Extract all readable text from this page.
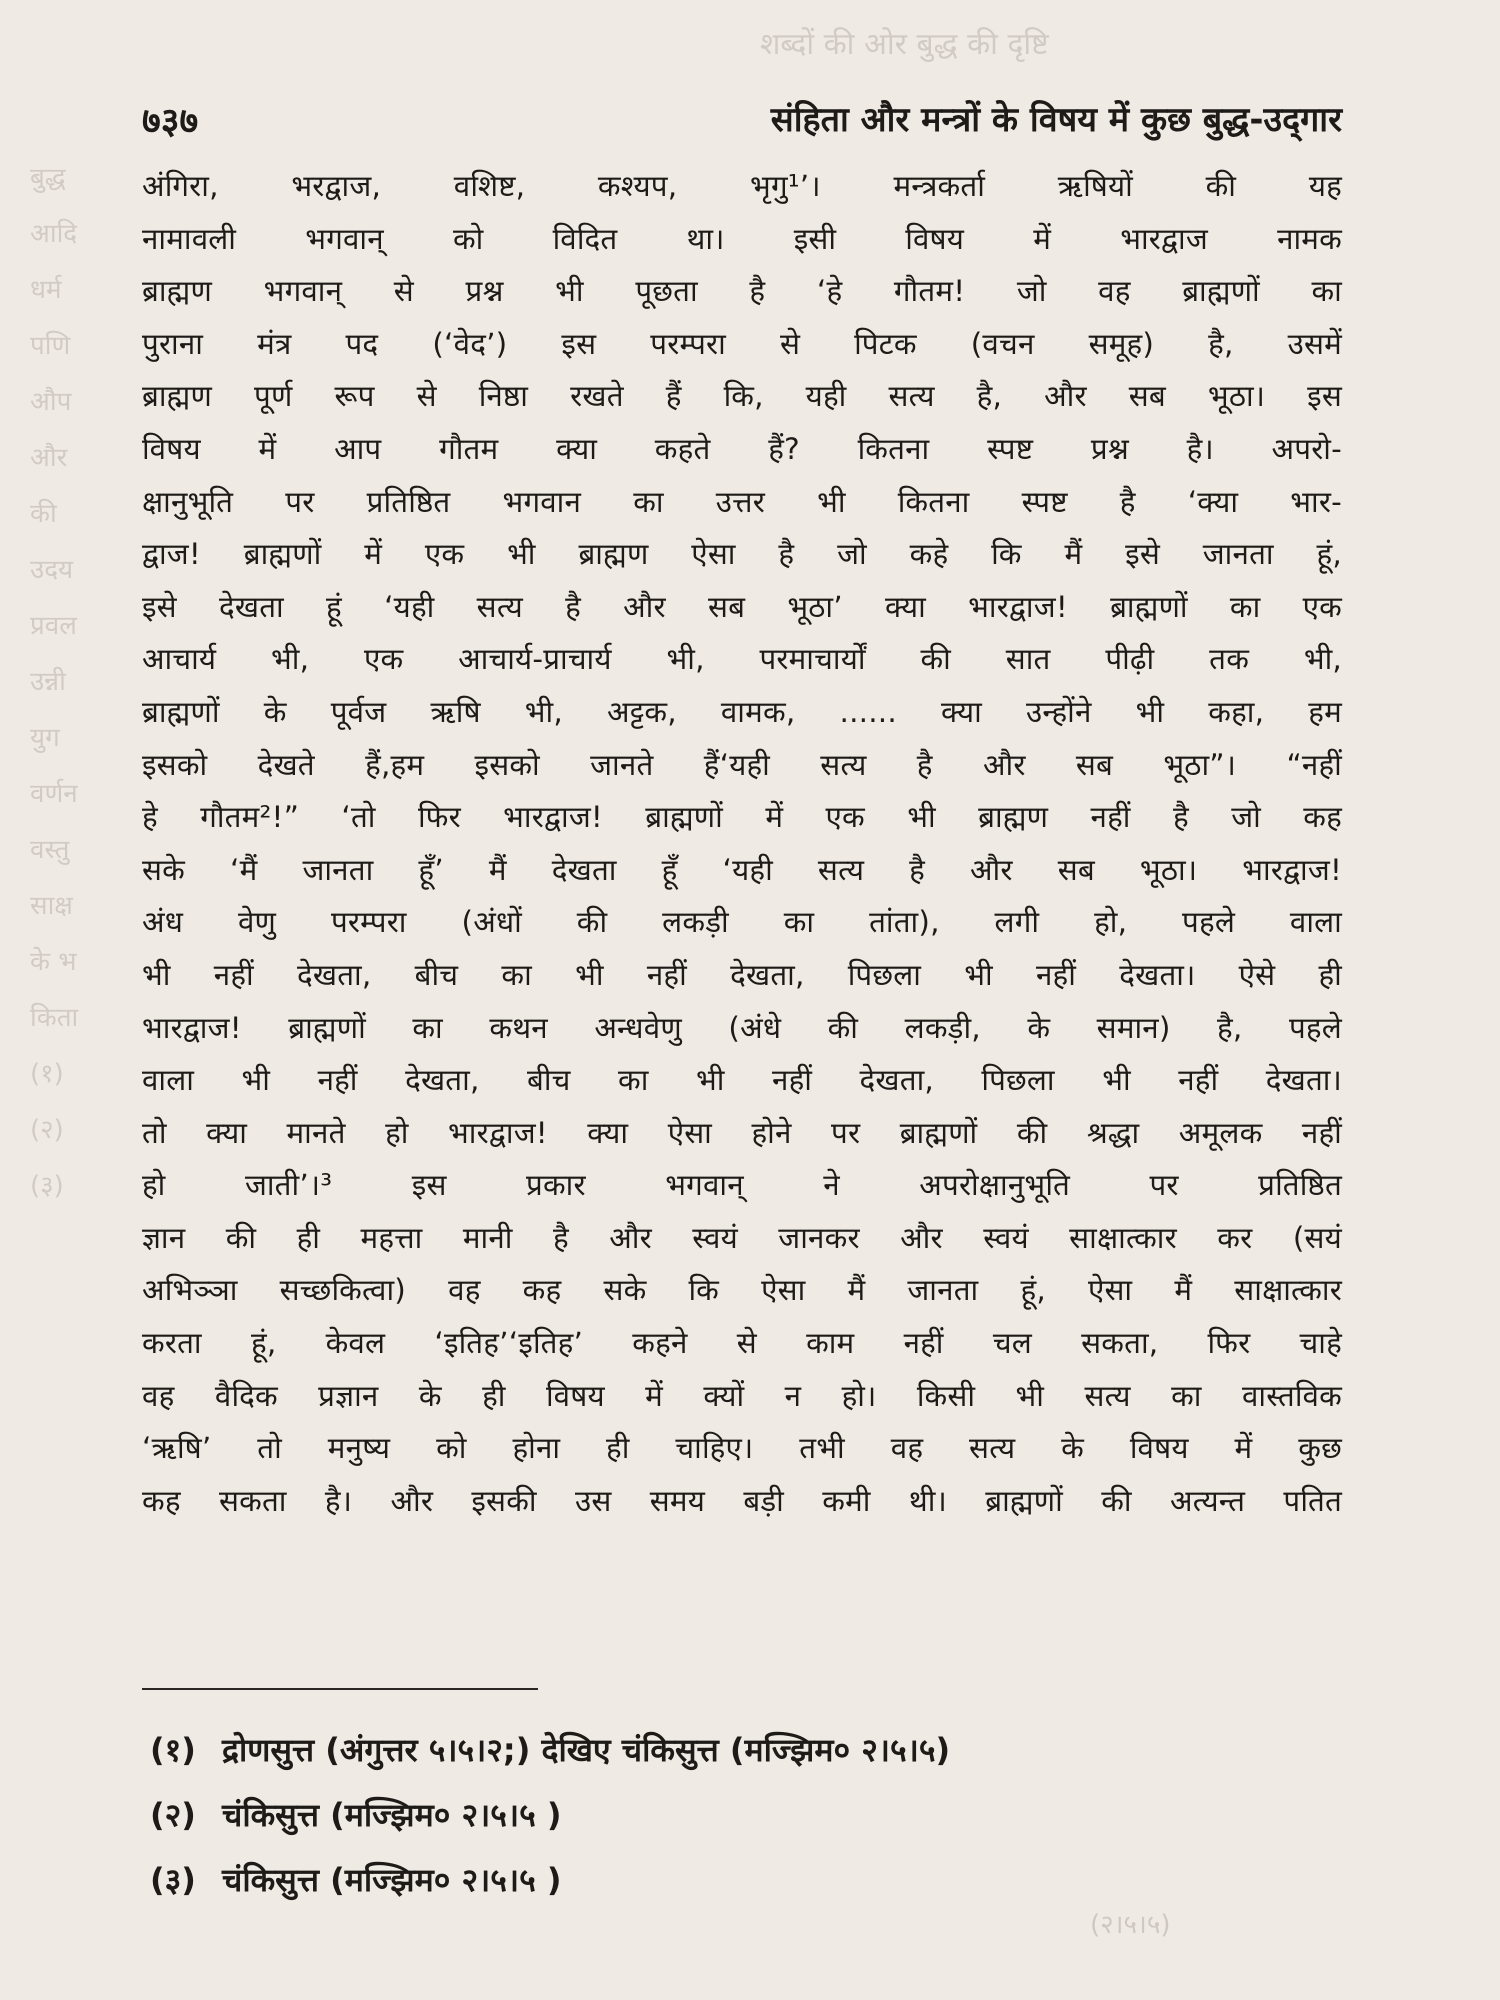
शब्दों की ओर बुद्ध की दृष्टि
बुद्ध
आदि
धर्म
पणि
औप
और
की
उदय
प्रवल
उन्नी
युग
वर्णन
वस्तु
साक्ष
के भ
किता
(१)
(२)
(३)
(२।५।५)
७३७	संहिता और मन्त्रों के विषय में कुछ बुद्ध-उद्‌गार
अंगिरा, भरद्वाज, वशिष्ट, कश्यप, भृगु¹’। मन्त्रकर्ता ऋषियों की यह
नामावली भगवान् को विदित था। इसी विषय में भारद्वाज नामक
ब्राह्मण भगवान् से प्रश्न भी पूछता है ‘हे गौतम! जो वह ब्राह्मणों का
पुराना मंत्र पद (‘वेद’) इस परम्परा से पिटक (वचन समूह) है, उसमें
ब्राह्मण पूर्ण रूप से निष्ठा रखते हैं कि, यही सत्य है, और सब भूठा। इस
विषय में आप गौतम क्या कहते हैं? कितना स्पष्ट प्रश्न है। अपरो-
क्षानुभूति पर प्रतिष्ठित भगवान का उत्तर भी कितना स्पष्ट है ‘क्या भार-
द्वाज! ब्राह्मणों में एक भी ब्राह्मण ऐसा है जो कहे कि मैं इसे जानता हूं,
इसे देखता हूं ‘यही सत्य है और सब भूठा’ क्या भारद्वाज! ब्राह्मणों का एक
आचार्य भी, एक आचार्य-प्राचार्य भी, परमाचार्यों की सात पीढ़ी तक भी,
ब्राह्मणों के पूर्वज ऋषि भी, अट्टक, वामक, ...... क्या उन्होंने भी कहा, हम
इसको देखते हैं,हम इसको जानते हैं‘यही सत्य है और सब भूठा”। “नहीं
हे गौतम²!” ‘तो फिर भारद्वाज! ब्राह्मणों में एक भी ब्राह्मण नहीं है जो कह
सके ‘मैं जानता हूँ’ मैं देखता हूँ ‘यही सत्य है और सब भूठा। भारद्वाज!
अंध वेणु परम्परा (अंधों की लकड़ी का तांता), लगी हो, पहले वाला
भी नहीं देखता, बीच का भी नहीं देखता, पिछला भी नहीं देखता। ऐसे ही
भारद्वाज! ब्राह्मणों का कथन अन्धवेणु (अंधे की लकड़ी, के समान) है, पहले
वाला भी नहीं देखता, बीच का भी नहीं देखता, पिछला भी नहीं देखता।
तो क्या मानते हो भारद्वाज! क्या ऐसा होने पर ब्राह्मणों की श्रद्धा अमूलक नहीं
हो जाती’।³ इस प्रकार भगवान् ने अपरोक्षानुभूति पर प्रतिष्ठित
ज्ञान की ही महत्ता मानी है और स्वयं जानकर और स्वयं साक्षात्कार कर (सयं
अभिञ्ञा सच्छकित्वा) वह कह सके कि ऐसा मैं जानता हूं, ऐसा मैं साक्षात्कार
करता हूं, केवल ‘इतिह’‘इतिह’ कहने से काम नहीं चल सकता, फिर चाहे
वह वैदिक प्रज्ञान के ही विषय में क्यों न हो। किसी भी सत्य का वास्तविक
‘ऋषि’ तो मनुष्य को होना ही चाहिए। तभी वह सत्य के विषय में कुछ
कह सकता है। और इसकी उस समय बड़ी कमी थी। ब्राह्मणों की अत्यन्त पतित
(१) द्रोणसुत्त (अंगुत्तर ५।५।२;) देखिए चंकिसुत्त (मज्झिम० २।५।५)
(२) चंकिसुत्त (मज्झिम० २।५।५ )
(३) चंकिसुत्त (मज्झिम० २।५।५ )
